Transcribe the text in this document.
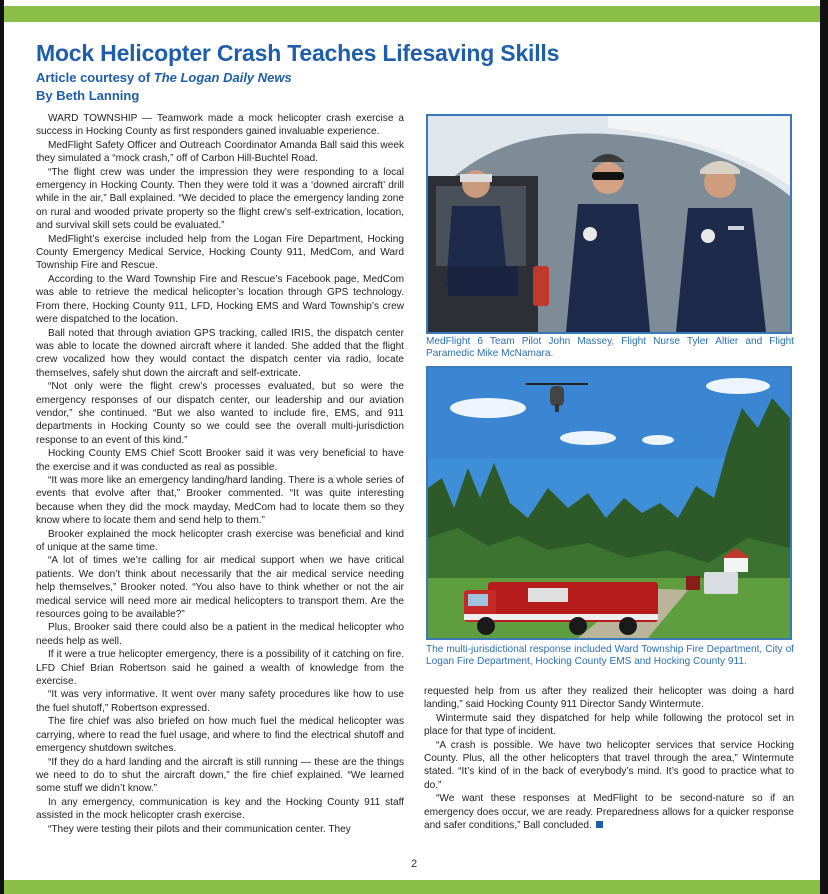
Mock Helicopter Crash Teaches Lifesaving Skills
Article courtesy of The Logan Daily News
By Beth Lanning

WARD TOWNSHIP — Teamwork made a mock helicopter crash exercise a success in Hocking County as first responders gained invaluable experience.

MedFlight Safety Officer and Outreach Coordinator Amanda Ball said this week they simulated a “mock crash,” off of Carbon Hill-Buchtel Road.

“The flight crew was under the impression they were responding to a local emergency in Hocking County. Then they were told it was a ‘downed aircraft’ drill while in the air,” Ball explained. “We decided to place the emergency landing zone on rural and wooded private property so the flight crew’s self-extrication, location, and survival skill sets could be evaluated.”

MedFlight’s exercise included help from the Logan Fire Department, Hocking County Emergency Medical Service, Hocking County 911, MedCom, and Ward Township Fire and Rescue.

According to the Ward Township Fire and Rescue’s Facebook page, MedCom was able to retrieve the medical helicopter’s location through GPS technology. From there, Hocking County 911, LFD, Hocking EMS and Ward Township’s crew were dispatched to the location.

Ball noted that through aviation GPS tracking, called IRIS, the dispatch center was able to locate the downed aircraft where it landed. She added that the flight crew vocalized how they would contact the dispatch center via radio, locate themselves, safely shut down the aircraft and self-extricate.

“Not only were the flight crew’s processes evaluated, but so were the emergency responses of our dispatch center, our leadership and our aviation vendor,” she continued. “But we also wanted to include fire, EMS, and 911 departments in Hocking County so we could see the overall multi-jurisdiction response to an event of this kind.”

Hocking County EMS Chief Scott Brooker said it was very beneficial to have the exercise and it was conducted as real as possible.

“It was more like an emergency landing/hard landing. There is a whole series of events that evolve after that,” Brooker commented. “It was quite interesting because when they did the mock mayday, MedCom had to locate them so they know where to locate them and send help to them.”

Brooker explained the mock helicopter crash exercise was beneficial and kind of unique at the same time.

“A lot of times we’re calling for air medical support when we have critical patients. We don’t think about necessarily that the air medical service needing help themselves,” Brooker noted. “You also have to think whether or not the air medical service will need more air medical helicopters to transport them. Are the resources going to be available?”

Plus, Brooker said there could also be a patient in the medical helicopter who needs help as well.

If it were a true helicopter emergency, there is a possibility of it catching on fire. LFD Chief Brian Robertson said he gained a wealth of knowledge from the exercise.

“It was very informative. It went over many safety procedures like how to use the fuel shutoff,” Robertson expressed.

The fire chief was also briefed on how much fuel the medical helicopter was carrying, where to read the fuel usage, and where to find the electrical shutoff and emergency shutdown switches.

“If they do a hard landing and the aircraft is still running — these are the things we need to do to shut the aircraft down,” the fire chief explained. “We learned some stuff we didn’t know.”

In any emergency, communication is key and the Hocking County 911 staff assisted in the mock helicopter crash exercise.

“They were testing their pilots and their communication center. They

MedFlight 6 Team Pilot John Massey, Flight Nurse Tyler Altier and Flight Paramedic Mike McNamara.
The multi-jurisdictional response included Ward Township Fire Department, City of Logan Fire Department, Hocking County EMS and Hocking County 911.

requested help from us after they realized their helicopter was doing a hard landing,” said Hocking County 911 Director Sandy Wintermute.

Wintermute said they dispatched for help while following the protocol set in place for that type of incident.

“A crash is possible. We have two helicopter services that service Hocking County. Plus, all the other helicopters that travel through the area,” Wintermute stated. “It’s kind of in the back of everybody’s mind. It’s good to practice what to do.”

“We want these responses at MedFlight to be second-nature so if an emergency does occur, we are ready. Preparedness allows for a quicker response and safer conditions,” Ball concluded.

2
